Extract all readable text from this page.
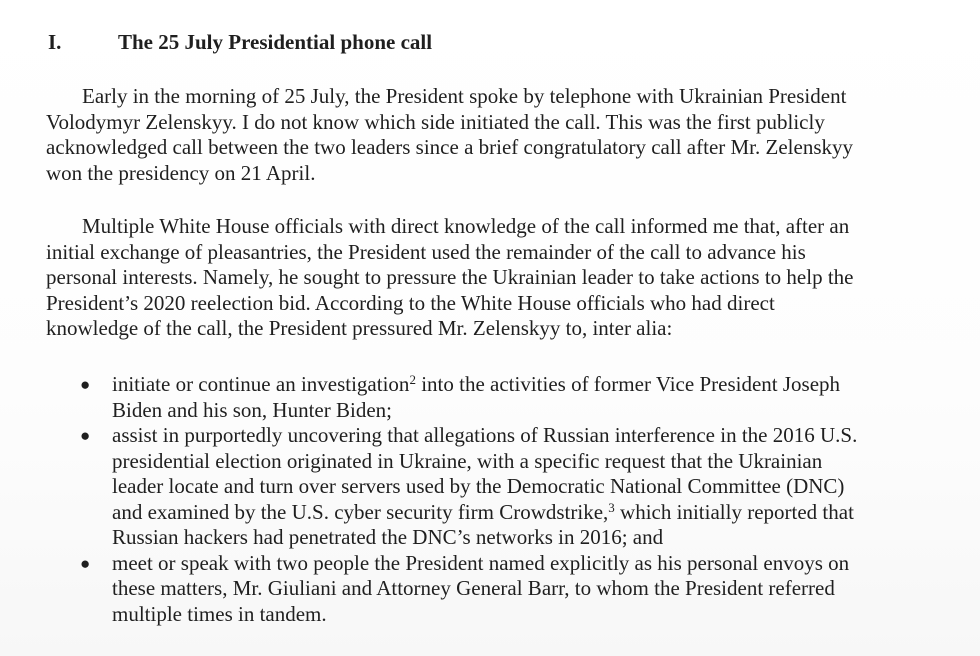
I.	The 25 July Presidential phone call
Early in the morning of 25 July, the President spoke by telephone with Ukrainian President
Volodymyr Zelenskyy. I do not know which side initiated the call. This was the first publicly
acknowledged call between the two leaders since a brief congratulatory call after Mr. Zelenskyy
won the presidency on 21 April.
Multiple White House officials with direct knowledge of the call informed me that, after an
initial exchange of pleasantries, the President used the remainder of the call to advance his
personal interests. Namely, he sought to pressure the Ukrainian leader to take actions to help the
President’s 2020 reelection bid. According to the White House officials who had direct
knowledge of the call, the President pressured Mr. Zelenskyy to, inter alia:
● initiate or continue an investigation$^2$ into the activities of former Vice President Joseph
Biden and his son, Hunter Biden;
● assist in purportedly uncovering that allegations of Russian interference in the 2016 U.S.
presidential election originated in Ukraine, with a specific request that the Ukrainian
leader locate and turn over servers used by the Democratic National Committee (DNC)
and examined by the U.S. cyber security firm Crowdstrike,$^3$ which initially reported that
Russian hackers had penetrated the DNC’s networks in 2016; and
● meet or speak with two people the President named explicitly as his personal envoys on
these matters, Mr. Giuliani and Attorney General Barr, to whom the President referred
multiple times in tandem.
